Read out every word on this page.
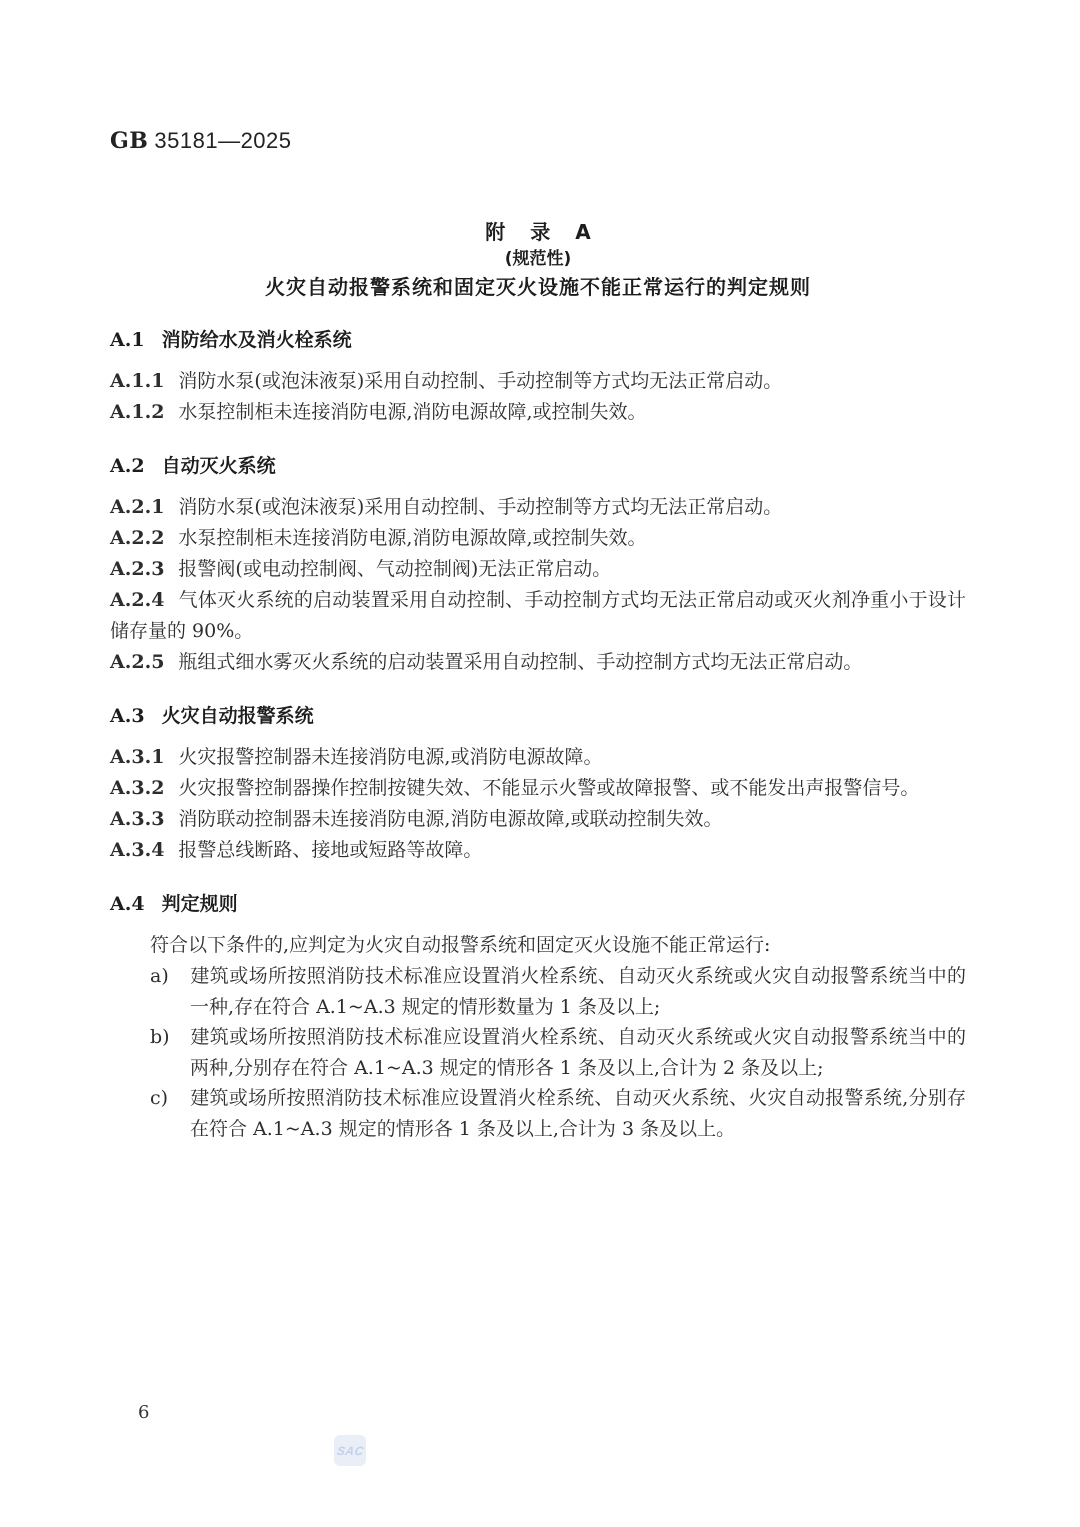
GB 35181—2025
附 录 A
(规范性)
火灾自动报警系统和固定灭火设施不能正常运行的判定规则
A.1 消防给水及消火栓系统

A.1.1 消防水泵(或泡沫液泵)采用自动控制、手动控制等方式均无法正常启动。

A.1.2 水泵控制柜未连接消防电源,消防电源故障,或控制失效。

A.2 自动灭火系统

A.2.1 消防水泵(或泡沫液泵)采用自动控制、手动控制等方式均无法正常启动。

A.2.2 水泵控制柜未连接消防电源,消防电源故障,或控制失效。

A.2.3 报警阀(或电动控制阀、气动控制阀)无法正常启动。

A.2.4 气体灭火系统的启动装置采用自动控制、手动控制方式均无法正常启动或灭火剂净重小于设计储存量的 90%。

A.2.5 瓶组式细水雾灭火系统的启动装置采用自动控制、手动控制方式均无法正常启动。

A.3 火灾自动报警系统

A.3.1 火灾报警控制器未连接消防电源,或消防电源故障。

A.3.2 火灾报警控制器操作控制按键失效、不能显示火警或故障报警、或不能发出声报警信号。

A.3.3 消防联动控制器未连接消防电源,消防电源故障,或联动控制失效。

A.3.4 报警总线断路、接地或短路等故障。

A.4 判定规则

符合以下条件的,应判定为火灾自动报警系统和固定灭火设施不能正常运行:

a) 建筑或场所按照消防技术标准应设置消火栓系统、自动灭火系统或火灾自动报警系统当中的一种,存在符合 A.1~A.3 规定的情形数量为 1 条及以上;

b) 建筑或场所按照消防技术标准应设置消火栓系统、自动灭火系统或火灾自动报警系统当中的两种,分别存在符合 A.1~A.3 规定的情形各 1 条及以上,合计为 2 条及以上;

c) 建筑或场所按照消防技术标准应设置消火栓系统、自动灭火系统、火灾自动报警系统,分别存在符合 A.1~A.3 规定的情形各 1 条及以上,合计为 3 条及以上。

6
SAC
